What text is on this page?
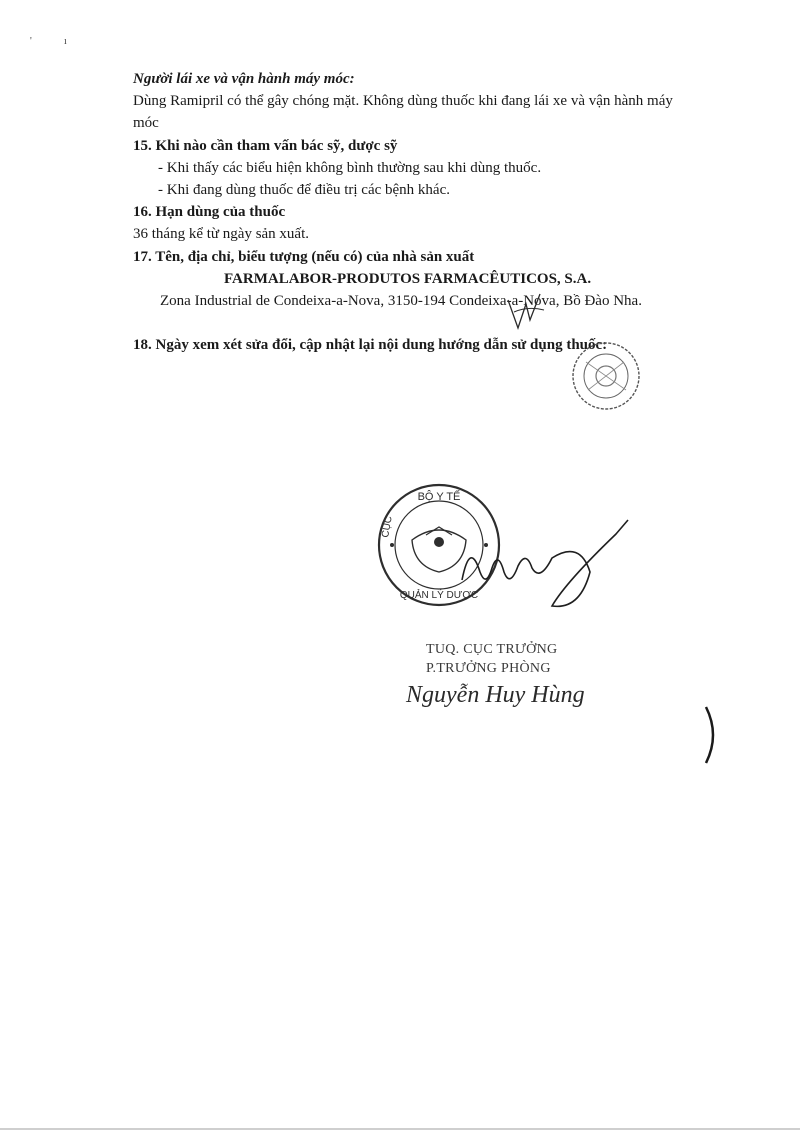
'	ı
Người lái xe và vận hành máy móc:
Dùng Ramipril có thể gây chóng mặt. Không dùng thuốc khi đang lái xe và vận hành máy
móc
15. Khi nào cần tham vấn bác sỹ, dược sỹ
- Khi thấy các biểu hiện không bình thường sau khi dùng thuốc.
- Khi đang dùng thuốc để điều trị các bệnh khác.
16. Hạn dùng của thuốc
36 tháng kể từ ngày sản xuất.
17. Tên, địa chỉ, biểu tượng (nếu có) của nhà sản xuất
FARMALABOR-PRODUTOS FARMACÊUTICOS, S.A.
Zona Industrial de Condeixa-a-Nova, 3150-194 Condeixa-a-Nova, Bồ Đào Nha.
18. Ngày xem xét sửa đổi, cập nhật lại nội dung hướng dẫn sử dụng thuốc:
BỘ Y TẾ
CỤC
QUẢN LÝ DƯỢC
TUQ. CỤC TRƯỞNG
P.TRƯỞNG PHÒNG
Nguyễn Huy Hùng
